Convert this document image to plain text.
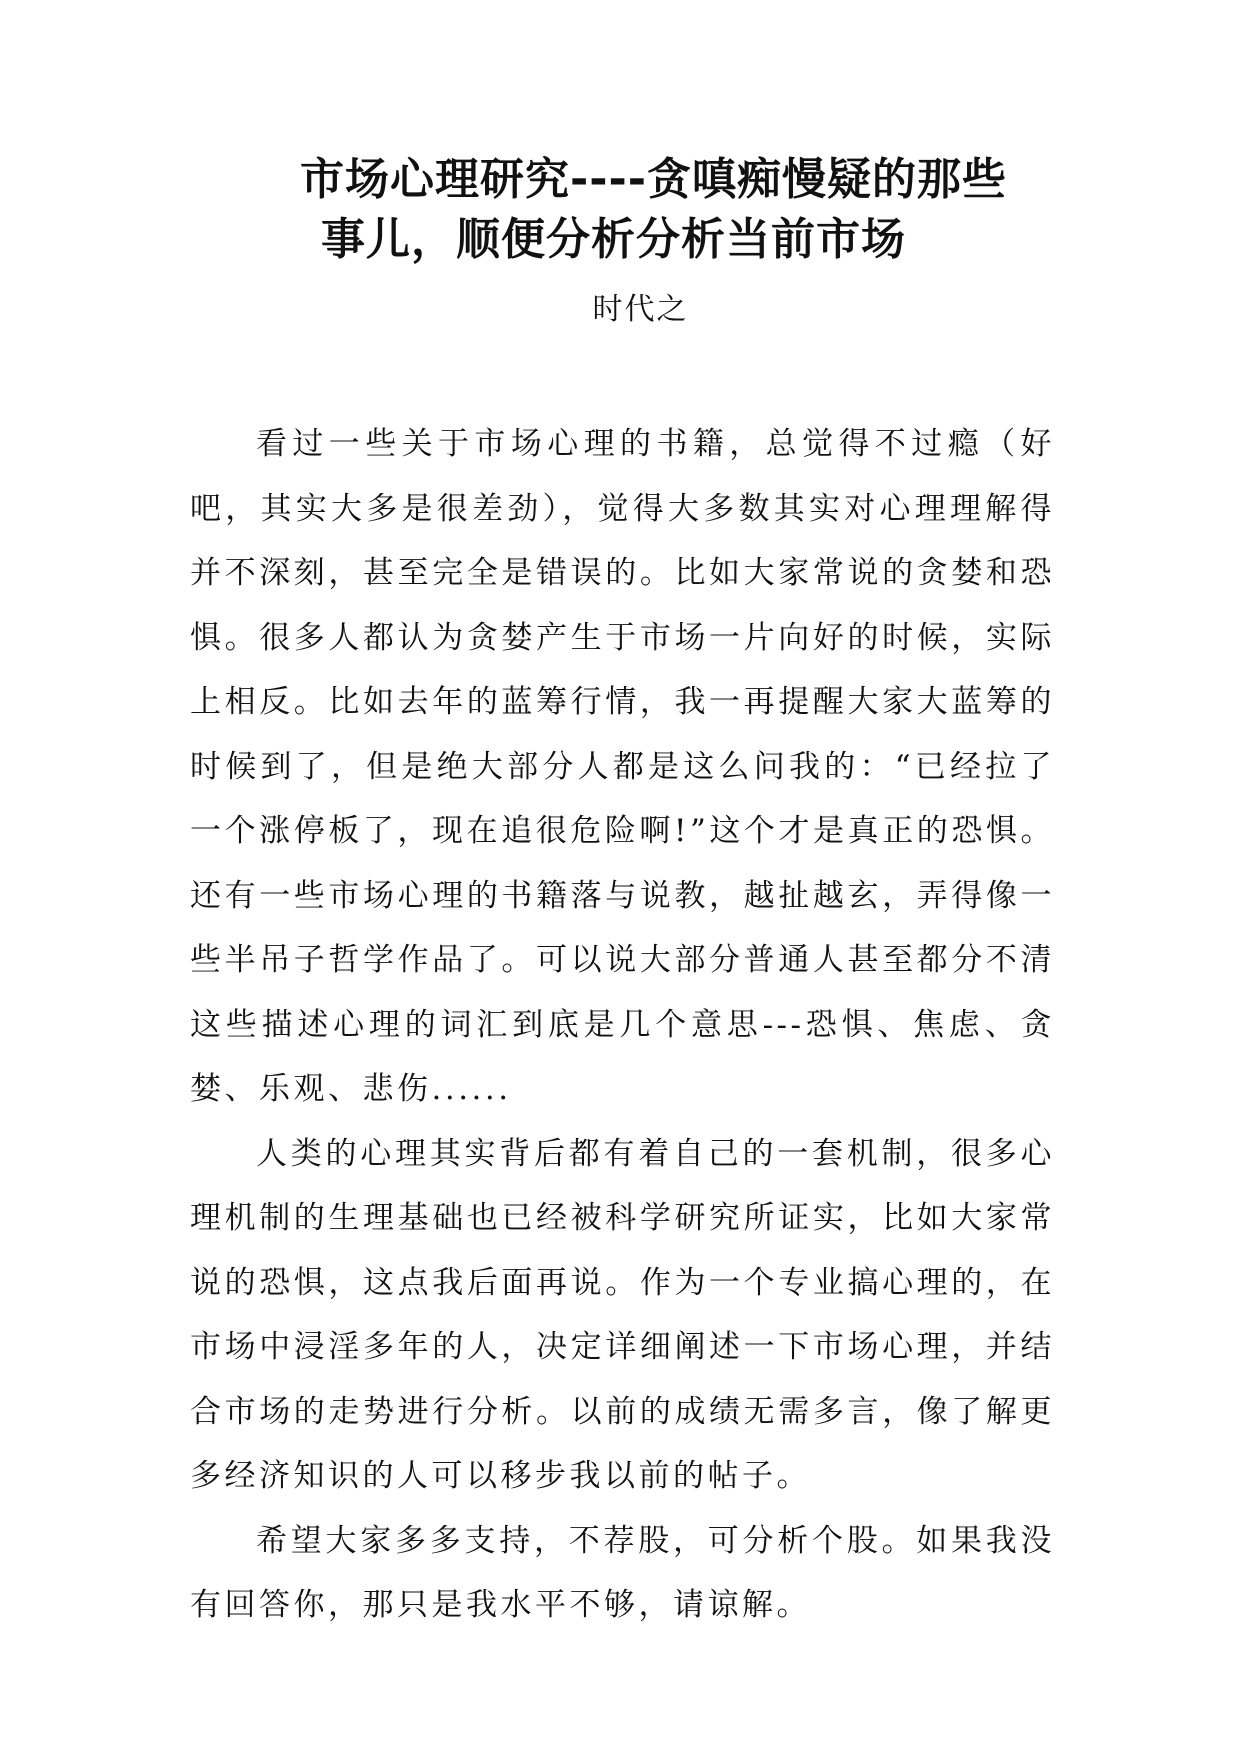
市场心理研究----贪嗔痴慢疑的那些
事儿，顺便分析分析当前市场

时代之

看过一些关于市场心理的书籍，总觉得不过瘾（好吧，其实大多是很差劲），觉得大多数其实对心理理解得并不深刻，甚至完全是错误的。比如大家常说的贪婪和恐惧。很多人都认为贪婪产生于市场一片向好的时候，实际上相反。比如去年的蓝筹行情，我一再提醒大家大蓝筹的时候到了，但是绝大部分人都是这么问我的：“已经拉了一个涨停板了，现在追很危险啊!”这个才是真正的恐惧。还有一些市场心理的书籍落与说教，越扯越玄，弄得像一些半吊子哲学作品了。可以说大部分普通人甚至都分不清这些描述心理的词汇到底是几个意思---恐惧、焦虑、贪婪、乐观、悲伤......

人类的心理其实背后都有着自己的一套机制，很多心理机制的生理基础也已经被科学研究所证实，比如大家常说的恐惧，这点我后面再说。作为一个专业搞心理的，在市场中浸淫多年的人，决定详细阐述一下市场心理，并结合市场的走势进行分析。以前的成绩无需多言，像了解更多经济知识的人可以移步我以前的帖子。

希望大家多多支持，不荐股，可分析个股。如果我没有回答你，那只是我水平不够，请谅解。
